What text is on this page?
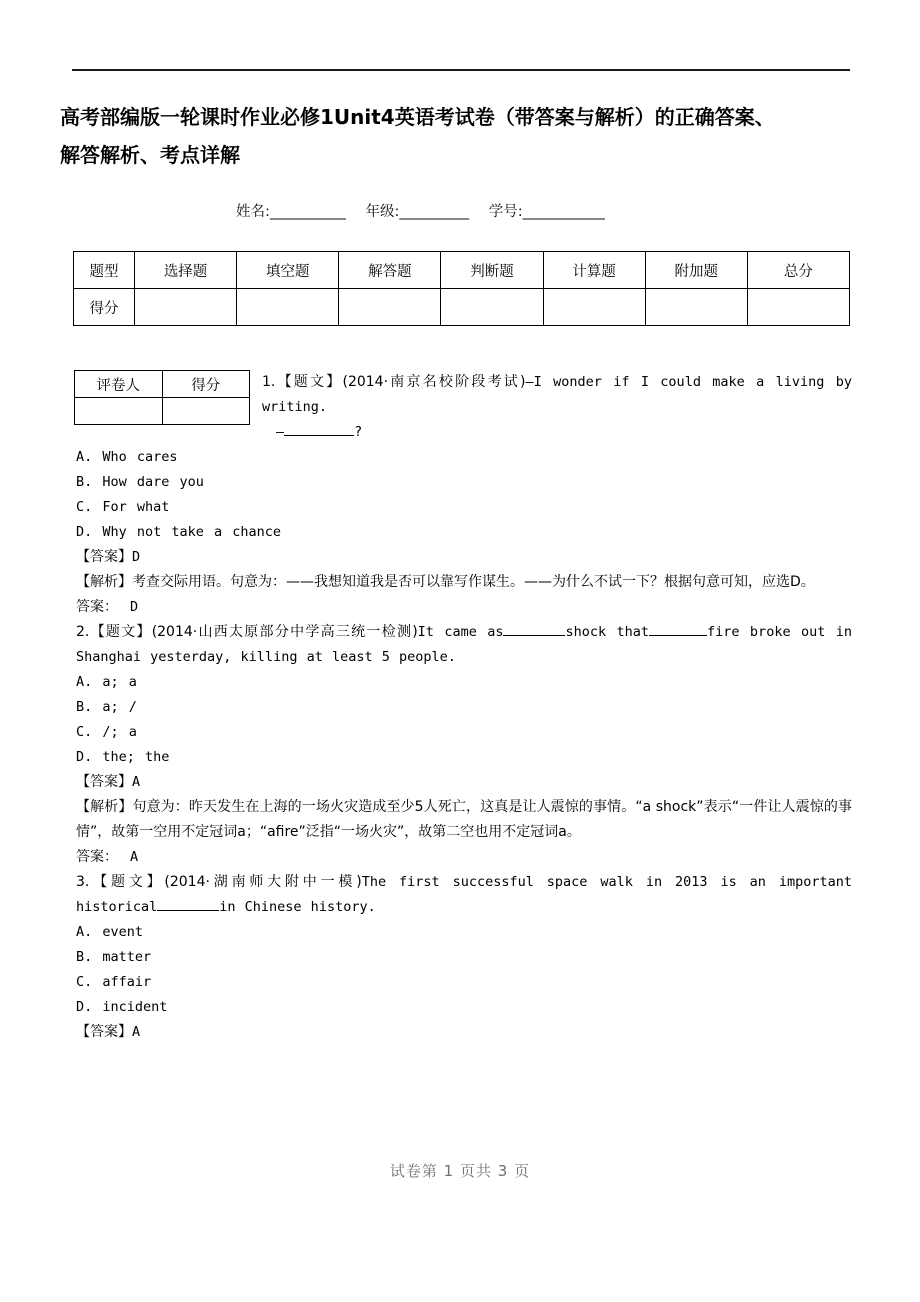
高考部编版一轮课时作业必修1Unit4英语考试卷（带答案与解析）的正确答案、
解答解析、考点详解
姓名:____________ 年级:___________ 学号:_____________
题型	选择题	填空题	解答题	判断题	计算题	附加题	总分
得分							
评卷人	得分
		1.【题文】(2014·南京名校阶段考试)—I wonder if I could make a living by writing.
—	?
A. Who cares
B. How dare you
C. For what
D. Why not take a chance
【答案】D
【解析】考查交际用语。句意为：——我想知道我是否可以靠写作谋生。——为什么不试一下？根据句意可知，应选D。
答案： D
2.【题文】(2014·山西太原部分中学高三统一检测)It came as	shock that	fire broke out in Shanghai yesterday, killing at least 5 people.
A. a; a
B. a; /
C. /; a
D. the; the
【答案】A
【解析】句意为：昨天发生在上海的一场火灾造成至少5人死亡，这真是让人震惊的事情。“a shock”表示“一件让人震惊的事情”，故第一空用不定冠词a；“afire”泛指“一场火灾”，故第二空也用不定冠词a。
答案： A
3.【题文】(2014·湖南师大附中一模)The first successful space walk in 2013 is an important historical	in Chinese history.
A. event
B. matter
C. affair
D. incident
【答案】A
试卷第 1 页共 3 页
